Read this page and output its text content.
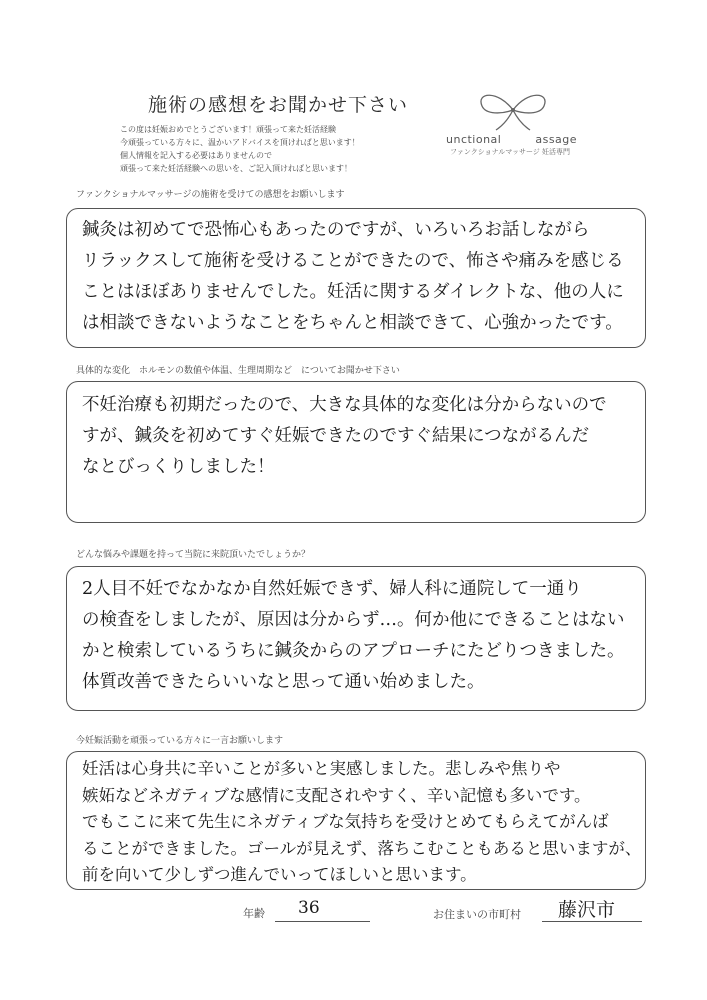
施術の感想をお聞かせ下さい
この度は妊娠おめでとうございます！頑張って来た妊活経験
今頑張っている方々に、温かいアドバイスを頂ければと思います！
個人情報を記入する必要はありませんので
頑張って来た妊活経験への思いを、ご記入頂ければと思います！
unctional	assage
ファンクショナルマッサージ 妊活専門
ファンクショナルマッサージの施術を受けての感想をお願いします
鍼灸は初めてで恐怖心もあったのですが、いろいろお話しながら
リラックスして施術を受けることができたので、怖さや痛みを感じる
ことはほぼありませんでした。妊活に関するダイレクトな、他の人に
は相談できないようなことをちゃんと相談できて、心強かったです。
具体的な変化　ホルモンの数値や体温、生理周期など　についてお聞かせ下さい
不妊治療も初期だったので、大きな具体的な変化は分からないので
すが、鍼灸を初めてすぐ妊娠できたのですぐ結果につながるんだ
なとびっくりしました！
どんな悩みや課題を持って当院に来院頂いたでしょうか？
2人目不妊でなかなか自然妊娠できず、婦人科に通院して一通り
の検査をしましたが、原因は分からず…。何か他にできることはない
かと検索しているうちに鍼灸からのアプローチにたどりつきました。
体質改善できたらいいなと思って通い始めました。
今妊娠活動を頑張っている方々に一言お願いします
妊活は心身共に辛いことが多いと実感しました。悲しみや焦りや
嫉妬などネガティブな感情に支配されやすく、辛い記憶も多いです。
でもここに来て先生にネガティブな気持ちを受けとめてもらえてがんば
ることができました。ゴールが見えず、落ちこむこともあると思いますが、
前を向いて少しずつ進んでいってほしいと思います。
年齢 36	お住まいの市町村 藤沢市
